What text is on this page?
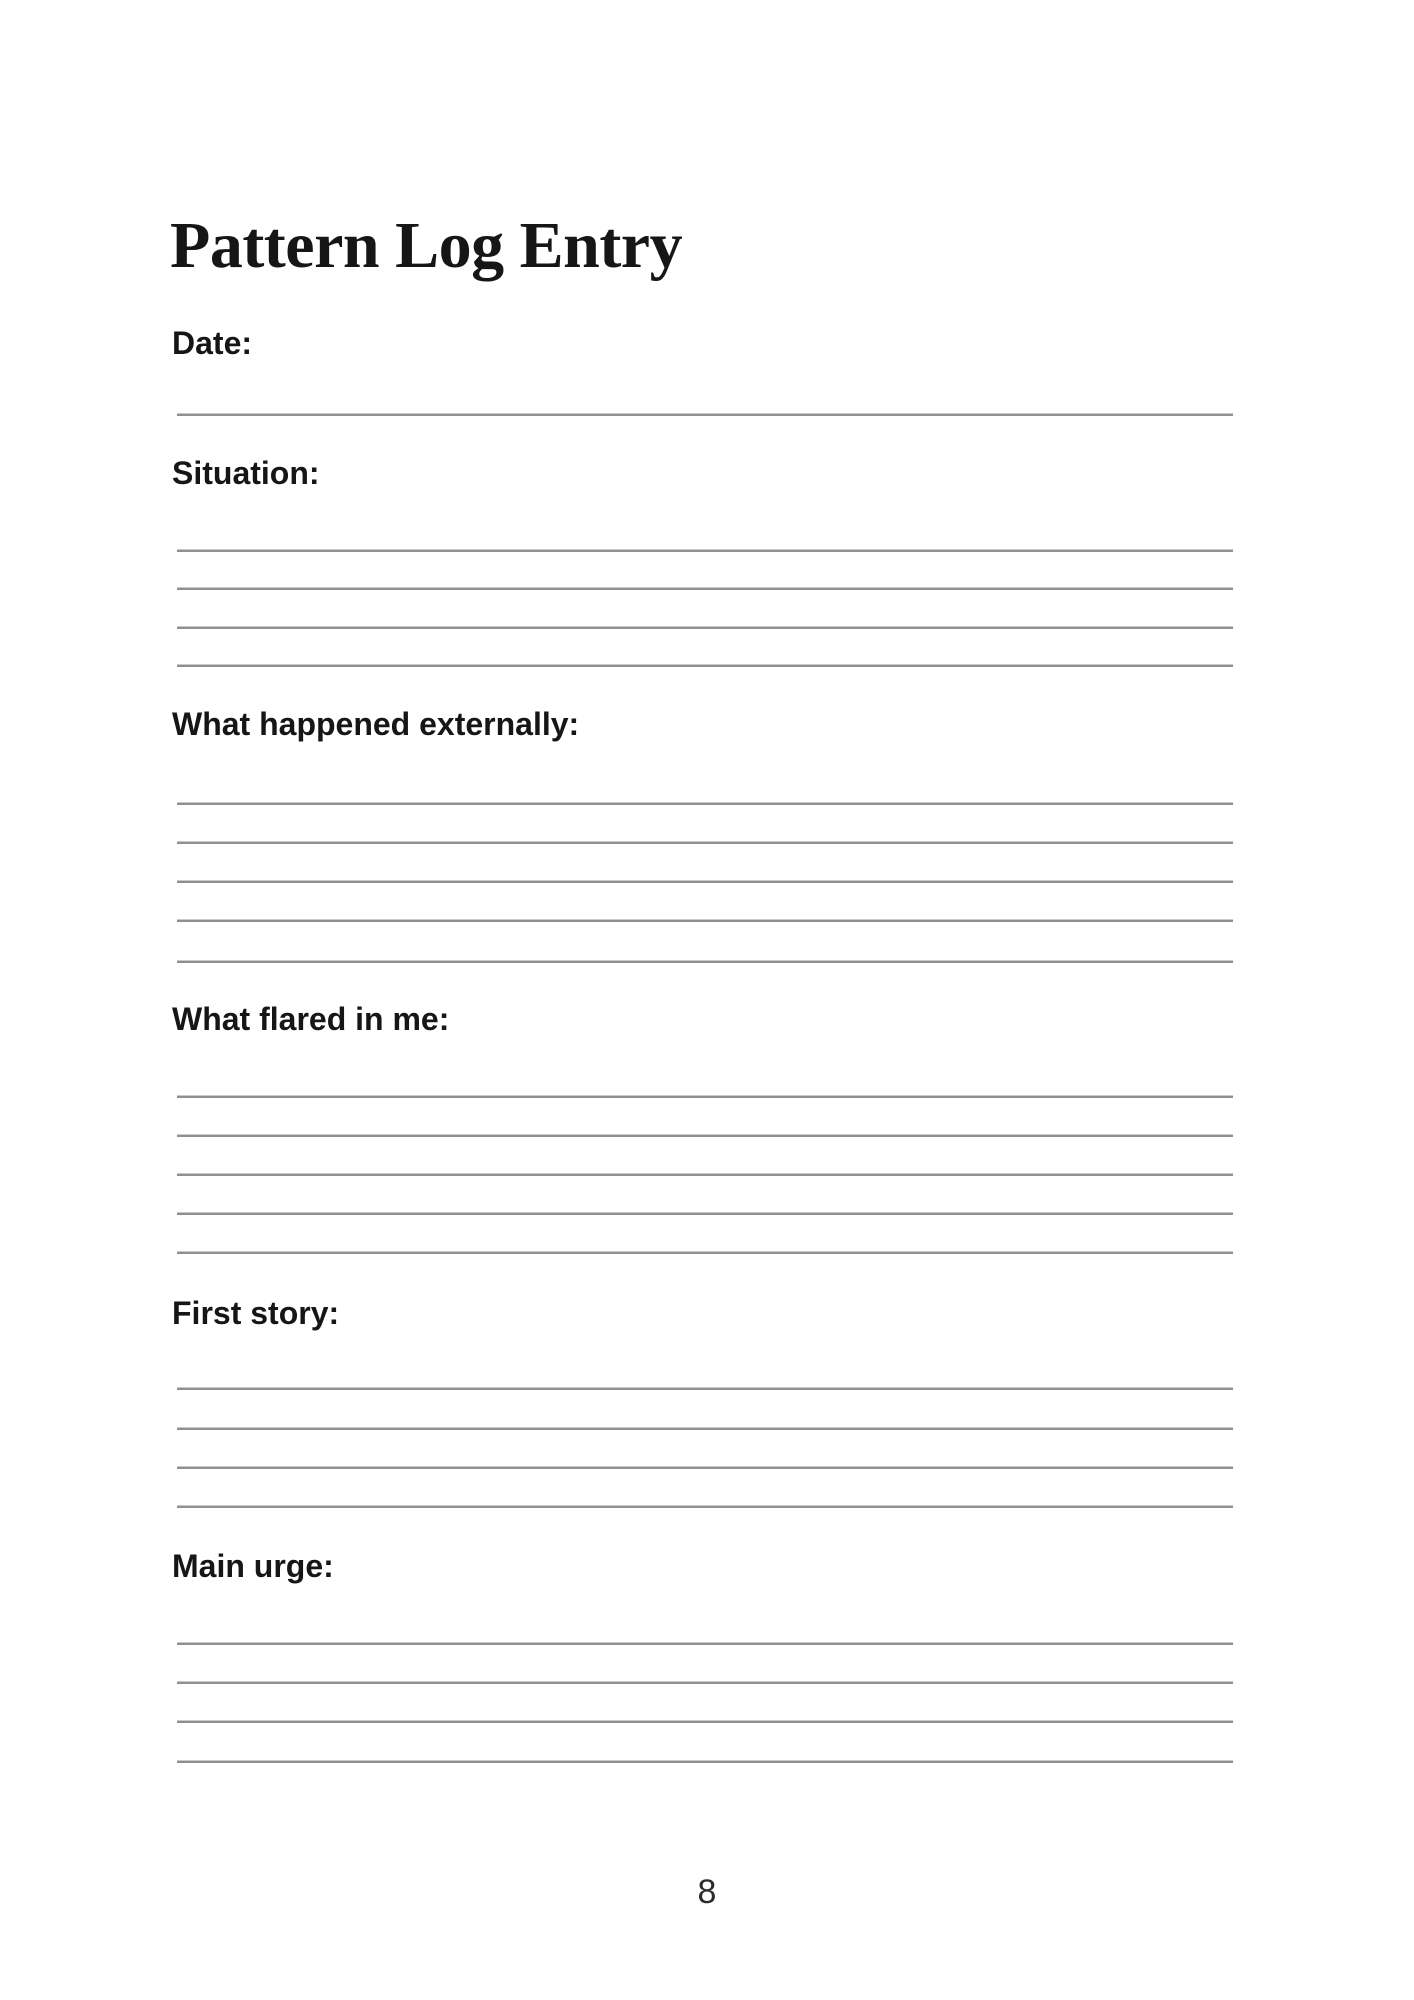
Pattern Log Entry
Date:
Situation:
What happened externally:
What flared in me:
First story:
Main urge:
8
